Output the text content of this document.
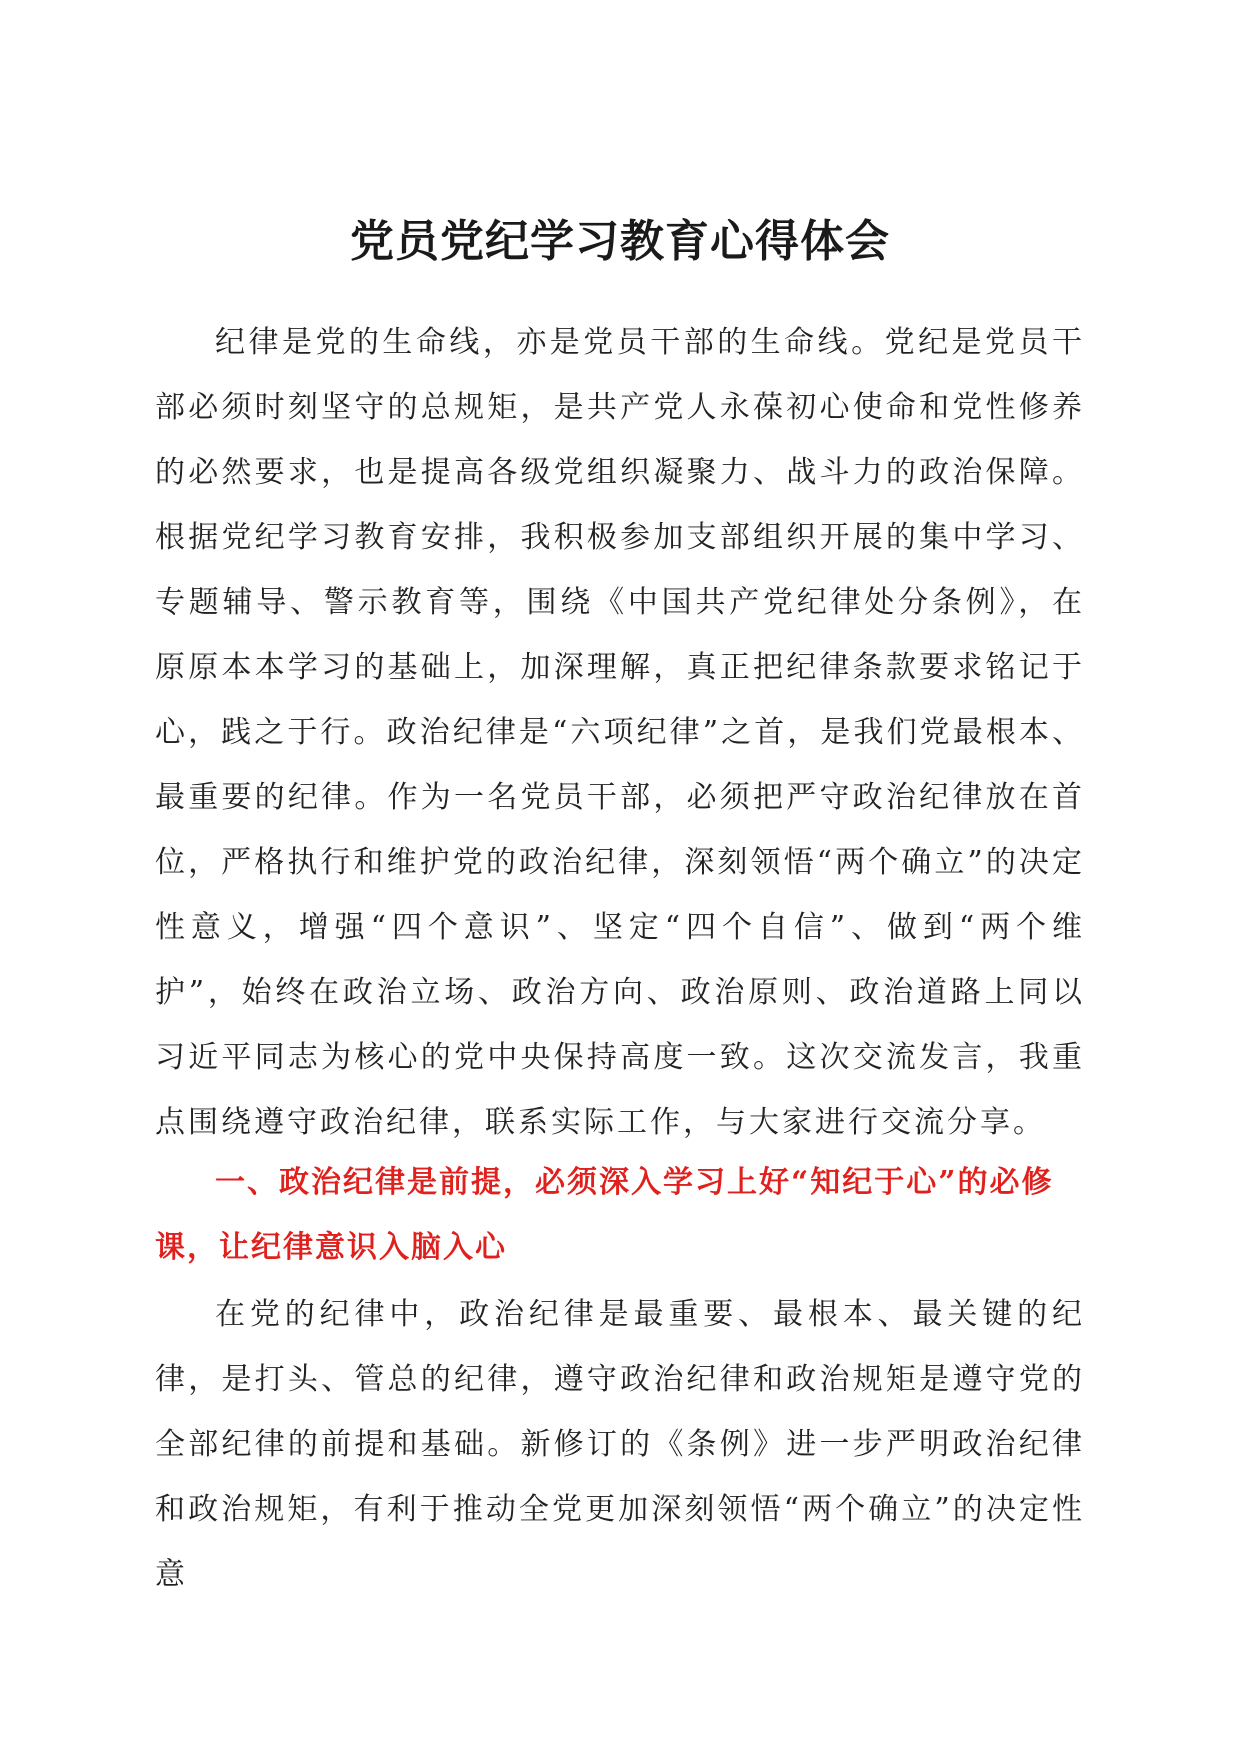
党员党纪学习教育心得体会

纪律是党的生命线，亦是党员干部的生命线。党纪是党员干部必须时刻坚守的总规矩，是共产党人永葆初心使命和党性修养的必然要求，也是提高各级党组织凝聚力、战斗力的政治保障。根据党纪学习教育安排，我积极参加支部组织开展的集中学习、专题辅导、警示教育等，围绕《中国共产党纪律处分条例》，在原原本本学习的基础上，加深理解，真正把纪律条款要求铭记于心，践之于行。政治纪律是“六项纪律”之首，是我们党最根本、最重要的纪律。作为一名党员干部，必须把严守政治纪律放在首位，严格执行和维护党的政治纪律，深刻领悟“两个确立”的决定性意义，增强“四个意识”、坚定“四个自信”、做到“两个维护”，始终在政治立场、政治方向、政治原则、政治道路上同以习近平同志为核心的党中央保持高度一致。这次交流发言，我重点围绕遵守政治纪律，联系实际工作，与大家进行交流分享。

一、政治纪律是前提，必须深入学习上好“知纪于心”的必修课，让纪律意识入脑入心

在党的纪律中，政治纪律是最重要、最根本、最关键的纪律，是打头、管总的纪律，遵守政治纪律和政治规矩是遵守党的全部纪律的前提和基础。新修订的《条例》进一步严明政治纪律和政治规矩，有利于推动全党更加深刻领悟“两个确立”的决定性意
